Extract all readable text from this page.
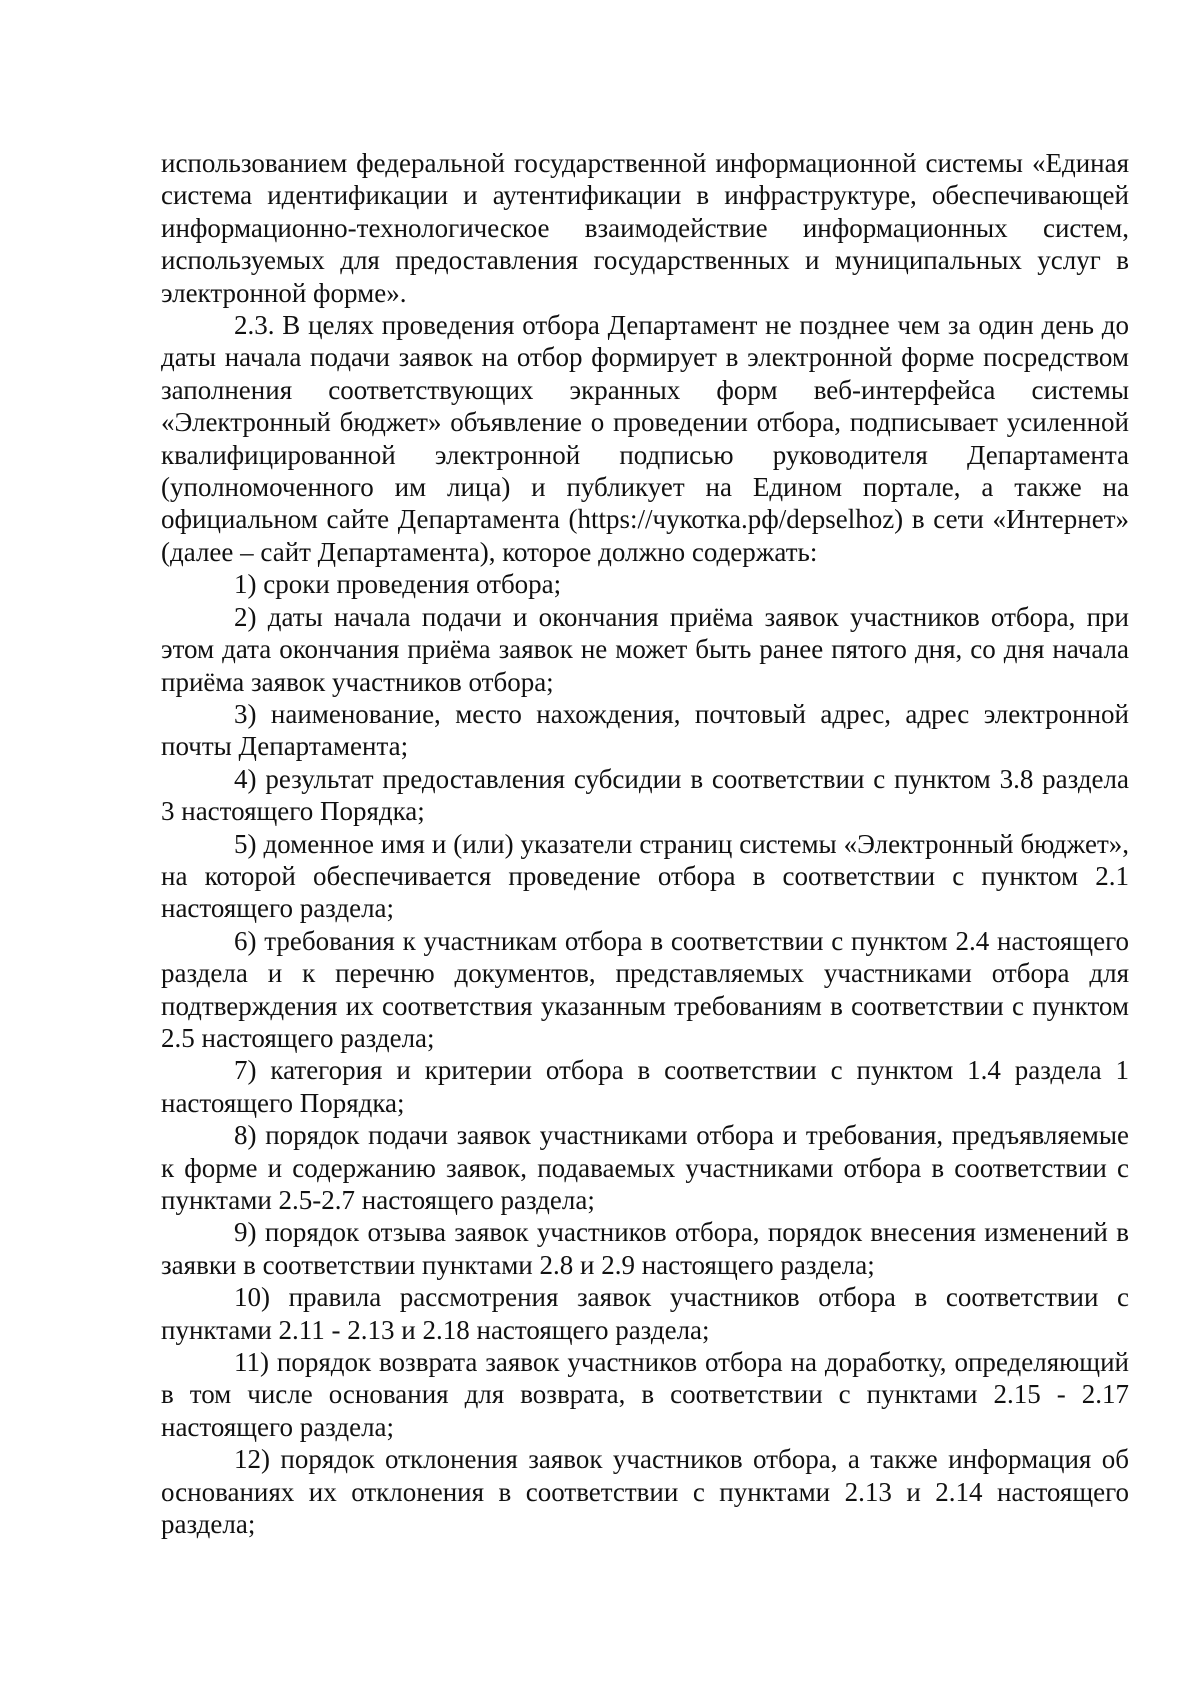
использованием федеральной государственной информационной системы «Единая система идентификации и аутентификации в инфраструктуре, обеспечивающей информационно-технологическое взаимодействие информационных систем, используемых для предоставления государственных и муниципальных услуг в электронной форме».

2.3. В целях проведения отбора Департамент не позднее чем за один день до даты начала подачи заявок на отбор формирует в электронной форме посредством заполнения соответствующих экранных форм веб-интерфейса системы «Электронный бюджет» объявление о проведении отбора, подписывает усиленной квалифицированной электронной подписью руководителя Департамента (уполномоченного им лица) и публикует на Едином портале, а также на официальном сайте Департамента (https://чукотка.рф/depselhoz) в сети «Интернет» (далее – сайт Департамента), которое должно содержать:

1) сроки проведения отбора;

2) даты начала подачи и окончания приёма заявок участников отбора, при этом дата окончания приёма заявок не может быть ранее пятого дня, со дня начала приёма заявок участников отбора;

3) наименование, место нахождения, почтовый адрес, адрес электронной почты Департамента;

4) результат предоставления субсидии в соответствии с пунктом 3.8 раздела 3 настоящего Порядка;

5) доменное имя и (или) указатели страниц системы «Электронный бюджет», на которой обеспечивается проведение отбора в соответствии с пунктом 2.1 настоящего раздела;

6) требования к участникам отбора в соответствии с пунктом 2.4 настоящего раздела и к перечню документов, представляемых участниками отбора для подтверждения их соответствия указанным требованиям в соответствии с пунктом 2.5 настоящего раздела;

7) категория и критерии отбора в соответствии с пунктом 1.4 раздела 1 настоящего Порядка;

8) порядок подачи заявок участниками отбора и требования, предъявляемые к форме и содержанию заявок, подаваемых участниками отбора в соответствии с пунктами 2.5-2.7 настоящего раздела;

9) порядок отзыва заявок участников отбора, порядок внесения изменений в заявки в соответствии пунктами 2.8 и 2.9 настоящего раздела;

10) правила рассмотрения заявок участников отбора в соответствии с пунктами 2.11 - 2.13 и 2.18 настоящего раздела;

11) порядок возврата заявок участников отбора на доработку, определяющий в том числе основания для возврата, в соответствии с пунктами 2.15 - 2.17 настоящего раздела;

12) порядок отклонения заявок участников отбора, а также информация об основаниях их отклонения в соответствии с пунктами 2.13 и 2.14 настоящего раздела;
